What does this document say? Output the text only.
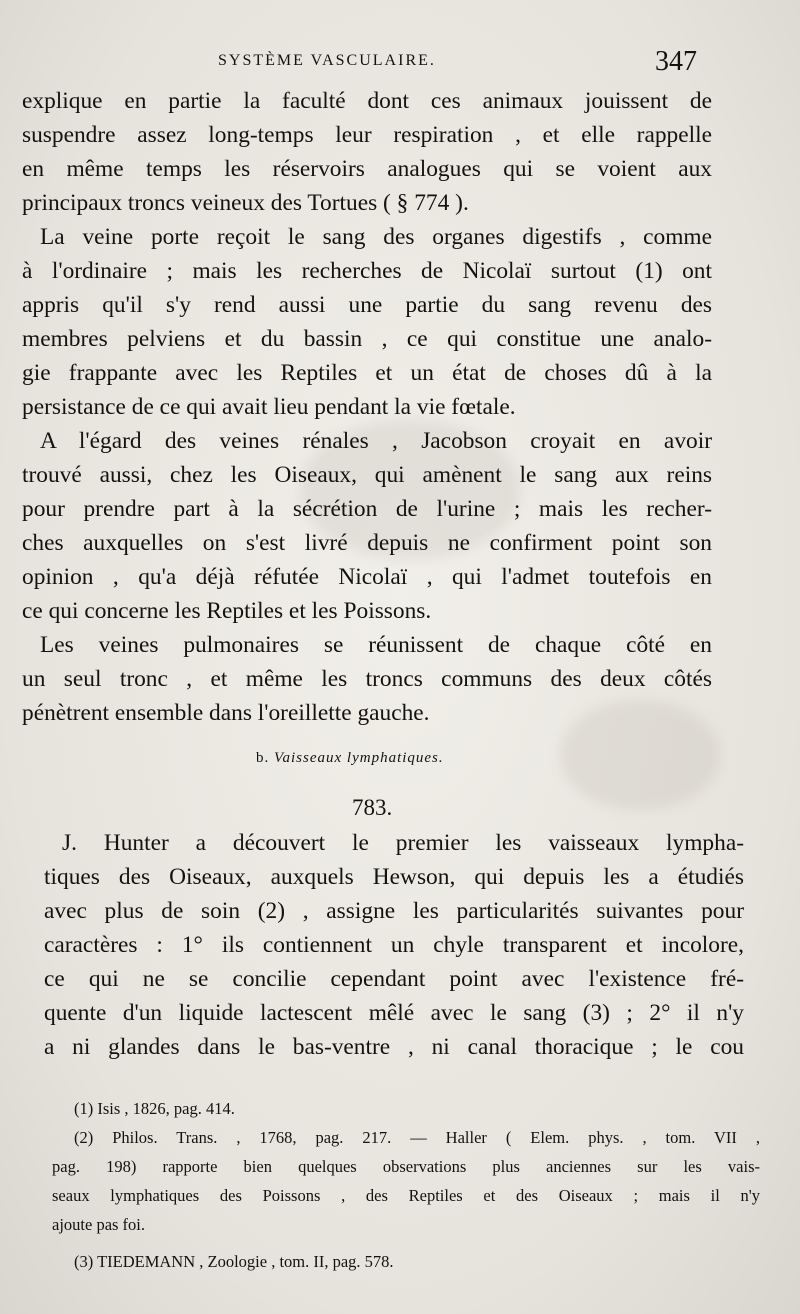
SYSTÈME VASCULAIRE.	347
explique en partie la faculté dont ces animaux jouissent de
suspendre assez long-temps leur respiration , et elle rappelle
en même temps les réservoirs analogues qui se voient aux
principaux troncs veineux des Tortues ( § 774 ).
La veine porte reçoit le sang des organes digestifs , comme
à l'ordinaire ; mais les recherches de Nicolaï surtout (1) ont
appris qu'il s'y rend aussi une partie du sang revenu des
membres pelviens et du bassin , ce qui constitue une analo-
gie frappante avec les Reptiles et un état de choses dû à la
persistance de ce qui avait lieu pendant la vie fœtale.
A l'égard des veines rénales , Jacobson croyait en avoir
trouvé aussi, chez les Oiseaux, qui amènent le sang aux reins
pour prendre part à la sécrétion de l'urine ; mais les recher-
ches auxquelles on s'est livré depuis ne confirment point son
opinion , qu'a déjà réfutée Nicolaï , qui l'admet toutefois en
ce qui concerne les Reptiles et les Poissons.
Les veines pulmonaires se réunissent de chaque côté en
un seul tronc , et même les troncs communs des deux côtés
pénètrent ensemble dans l'oreillette gauche.
b. Vaisseaux lymphatiques.
783.
J. Hunter a découvert le premier les vaisseaux lympha-
tiques des Oiseaux, auxquels Hewson, qui depuis les a étudiés
avec plus de soin (2) , assigne les particularités suivantes pour
caractères : 1° ils contiennent un chyle transparent et incolore,
ce qui ne se concilie cependant point avec l'existence fré-
quente d'un liquide lactescent mêlé avec le sang (3) ; 2° il n'y
a ni glandes dans le bas-ventre , ni canal thoracique ; le cou
(1) Isis , 1826, pag. 414.
(2) Philos. Trans. , 1768, pag. 217. — Haller ( Elem. phys. , tom. VII ,
pag. 198) rapporte bien quelques observations plus anciennes sur les vais-
seaux lymphatiques des Poissons , des Reptiles et des Oiseaux ; mais il n'y
ajoute pas foi.
(3) TIEDEMANN , Zoologie , tom. II, pag. 578.
